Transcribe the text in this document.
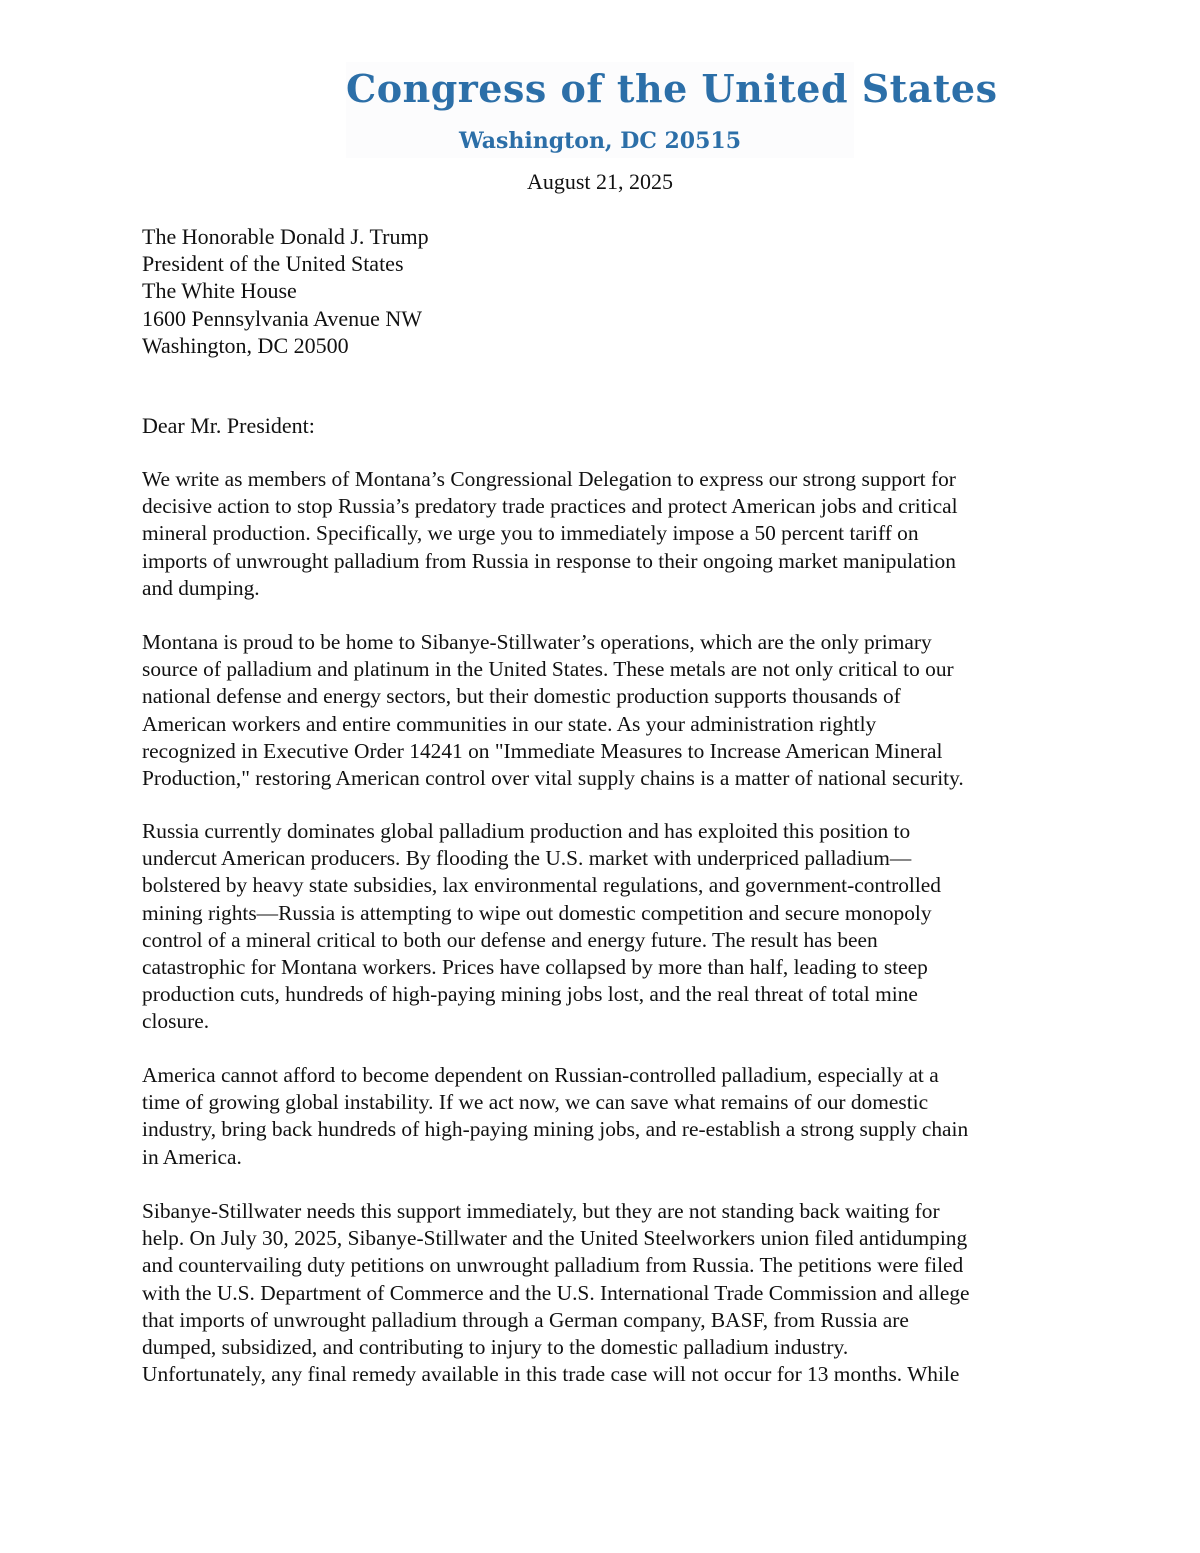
Congress of the United States
Washington, DC 20515
August 21, 2025
The Honorable Donald J. Trump
President of the United States
The White House
1600 Pennsylvania Avenue NW
Washington, DC 20500
Dear Mr. President:
We write as members of Montana’s Congressional Delegation to express our strong support for
decisive action to stop Russia’s predatory trade practices and protect American jobs and critical
mineral production. Specifically, we urge you to immediately impose a 50 percent tariff on
imports of unwrought palladium from Russia in response to their ongoing market manipulation
and dumping.
Montana is proud to be home to Sibanye-Stillwater’s operations, which are the only primary
source of palladium and platinum in the United States. These metals are not only critical to our
national defense and energy sectors, but their domestic production supports thousands of
American workers and entire communities in our state. As your administration rightly
recognized in Executive Order 14241 on "Immediate Measures to Increase American Mineral
Production," restoring American control over vital supply chains is a matter of national security.
Russia currently dominates global palladium production and has exploited this position to
undercut American producers. By flooding the U.S. market with underpriced palladium—
bolstered by heavy state subsidies, lax environmental regulations, and government-controlled
mining rights—Russia is attempting to wipe out domestic competition and secure monopoly
control of a mineral critical to both our defense and energy future. The result has been
catastrophic for Montana workers. Prices have collapsed by more than half, leading to steep
production cuts, hundreds of high-paying mining jobs lost, and the real threat of total mine
closure.
America cannot afford to become dependent on Russian-controlled palladium, especially at a
time of growing global instability. If we act now, we can save what remains of our domestic
industry, bring back hundreds of high-paying mining jobs, and re-establish a strong supply chain
in America.
Sibanye-Stillwater needs this support immediately, but they are not standing back waiting for
help. On July 30, 2025, Sibanye-Stillwater and the United Steelworkers union filed antidumping
and countervailing duty petitions on unwrought palladium from Russia. The petitions were filed
with the U.S. Department of Commerce and the U.S. International Trade Commission and allege
that imports of unwrought palladium through a German company, BASF, from Russia are
dumped, subsidized, and contributing to injury to the domestic palladium industry.
Unfortunately, any final remedy available in this trade case will not occur for 13 months. While
